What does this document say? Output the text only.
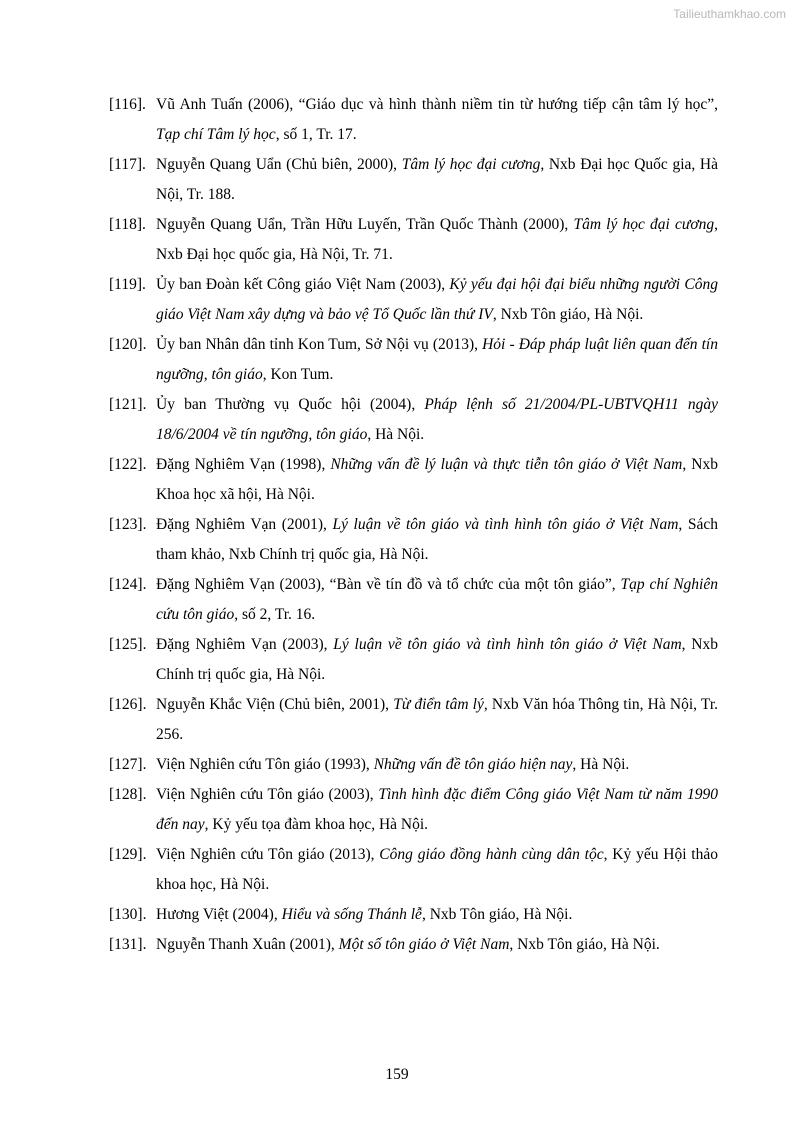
Tailieuthamkhao.com
[116]. Vũ Anh Tuấn (2006), “Giáo dục và hình thành niềm tin từ hướng tiếp cận tâm lý học”, Tạp chí Tâm lý học, số 1, Tr. 17.
[117]. Nguyễn Quang Uẩn (Chủ biên, 2000), Tâm lý học đại cương, Nxb Đại học Quốc gia, Hà Nội, Tr. 188.
[118]. Nguyễn Quang Uẩn, Trần Hữu Luyến, Trần Quốc Thành (2000), Tâm lý học đại cương, Nxb Đại học quốc gia, Hà Nội, Tr. 71.
[119]. Ủy ban Đoàn kết Công giáo Việt Nam (2003), Kỷ yếu đại hội đại biểu những người Công giáo Việt Nam xây dựng và bảo vệ Tổ Quốc lần thứ IV, Nxb Tôn giáo, Hà Nội.
[120]. Ủy ban Nhân dân tỉnh Kon Tum, Sở Nội vụ (2013), Hỏi - Đáp pháp luật liên quan đến tín ngưỡng, tôn giáo, Kon Tum.
[121]. Ủy ban Thường vụ Quốc hội (2004), Pháp lệnh số 21/2004/PL-UBTVQH11 ngày 18/6/2004 về tín ngưỡng, tôn giáo, Hà Nội.
[122]. Đặng Nghiêm Vạn (1998), Những vấn đề lý luận và thực tiễn tôn giáo ở Việt Nam, Nxb Khoa học xã hội, Hà Nội.
[123]. Đặng Nghiêm Vạn (2001), Lý luận về tôn giáo và tình hình tôn giáo ở Việt Nam, Sách tham khảo, Nxb Chính trị quốc gia, Hà Nội.
[124]. Đặng Nghiêm Vạn (2003), “Bàn về tín đồ và tổ chức của một tôn giáo”, Tạp chí Nghiên cứu tôn giáo, số 2, Tr. 16.
[125]. Đặng Nghiêm Vạn (2003), Lý luận về tôn giáo và tình hình tôn giáo ở Việt Nam, Nxb Chính trị quốc gia, Hà Nội.
[126]. Nguyễn Khắc Viện (Chủ biên, 2001), Từ điển tâm lý, Nxb Văn hóa Thông tin, Hà Nội, Tr. 256.
[127]. Viện Nghiên cứu Tôn giáo (1993), Những vấn đề tôn giáo hiện nay, Hà Nội.
[128]. Viện Nghiên cứu Tôn giáo (2003), Tình hình đặc điểm Công giáo Việt Nam từ năm 1990 đến nay, Kỷ yếu tọa đàm khoa học, Hà Nội.
[129]. Viện Nghiên cứu Tôn giáo (2013), Công giáo đồng hành cùng dân tộc, Kỷ yếu Hội thảo khoa học, Hà Nội.
[130]. Hương Việt (2004), Hiểu và sống Thánh lễ, Nxb Tôn giáo, Hà Nội.
[131]. Nguyễn Thanh Xuân (2001), Một số tôn giáo ở Việt Nam, Nxb Tôn giáo, Hà Nội.
159
